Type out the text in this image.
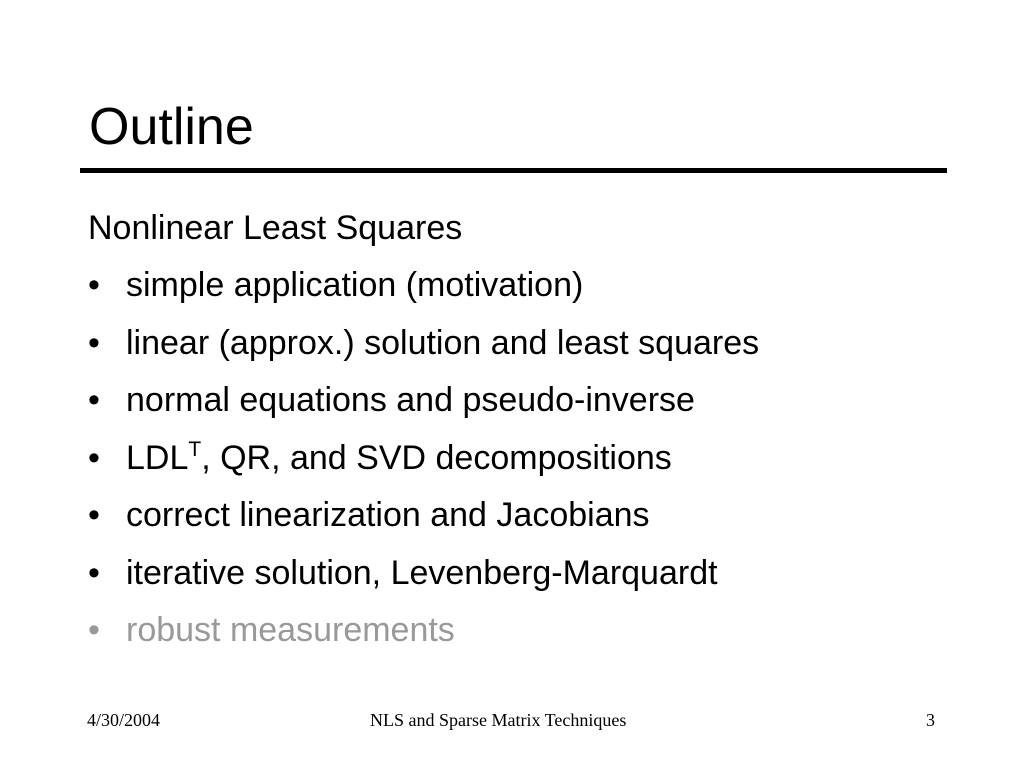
Outline
Nonlinear Least Squares
• simple application (motivation)
• linear (approx.) solution and least squares
• normal equations and pseudo-inverse
• $LDL^T$, QR, and SVD decompositions
• correct linearization and Jacobians
• iterative solution, Levenberg-Marquardt
• robust measurements
4/30/2004	NLS and Sparse Matrix Techniques	3
